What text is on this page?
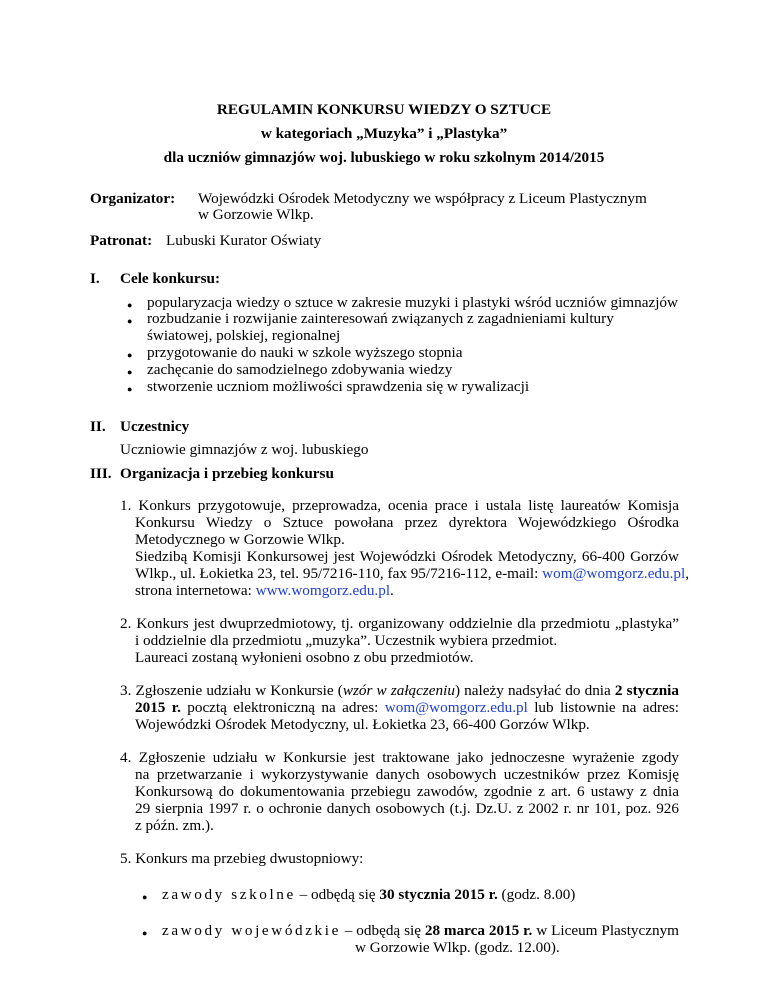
REGULAMIN KONKURSU WIEDZY O SZTUCE
w kategoriach „Muzyka” i „Plastyka”
dla uczniów gimnazjów woj. lubuskiego w roku szkolnym 2014/2015
Organizator: Wojewódzki Ośrodek Metodyczny we współpracy z Liceum Plastycznym
w Gorzowie Wlkp.
Patronat: Lubuski Kurator Oświaty
I. Cele konkursu:
● popularyzacja wiedzy o sztuce w zakresie muzyki i plastyki wśród uczniów gimnazjów
● rozbudzanie i rozwijanie zainteresowań związanych z zagadnieniami kultury
światowej, polskiej, regionalnej
● przygotowanie do nauki w szkole wyższego stopnia
● zachęcanie do samodzielnego zdobywania wiedzy
● stworzenie uczniom możliwości sprawdzenia się w rywalizacji
II. Uczestnicy
Uczniowie gimnazjów z woj. lubuskiego
III. Organizacja i przebieg konkursu
1. Konkurs przygotowuje, przeprowadza, ocenia prace i ustala listę laureatów Komisja
Konkursu Wiedzy o Sztuce powołana przez dyrektora Wojewódzkiego Ośrodka
Metodycznego w Gorzowie Wlkp.
Siedzibą Komisji Konkursowej jest Wojewódzki Ośrodek Metodyczny, 66-400 Gorzów
Wlkp., ul. Łokietka 23, tel. 95/7216-110, fax 95/7216-112, e-mail: wom@womgorz.edu.pl,
strona internetowa: www.womgorz.edu.pl.
2. Konkurs jest dwuprzedmiotowy, tj. organizowany oddzielnie dla przedmiotu „plastyka”
i oddzielnie dla przedmiotu „muzyka”. Uczestnik wybiera przedmiot.
Laureaci zostaną wyłonieni osobno z obu przedmiotów.
3. Zgłoszenie udziału w Konkursie (wzór w załączeniu) należy nadsyłać do dnia 2 stycznia
2015 r. pocztą elektroniczną na adres: wom@womgorz.edu.pl lub listownie na adres:
Wojewódzki Ośrodek Metodyczny, ul. Łokietka 23, 66-400 Gorzów Wlkp.
4. Zgłoszenie udziału w Konkursie jest traktowane jako jednoczesne wyrażenie zgody
na przetwarzanie i wykorzystywanie danych osobowych uczestników przez Komisję
Konkursową do dokumentowania przebiegu zawodów, zgodnie z art. 6 ustawy z dnia
29 sierpnia 1997 r. o ochronie danych osobowych (t.j. Dz.U. z 2002 r. nr 101, poz. 926
z późn. zm.).
5. Konkurs ma przebieg dwustopniowy:
● zawody szkolne – odbędą się 30 stycznia 2015 r. (godz. 8.00)
● zawody wojewódzkie – odbędą się 28 marca 2015 r. w Liceum Plastycznym
w Gorzowie Wlkp. (godz. 12.00).
